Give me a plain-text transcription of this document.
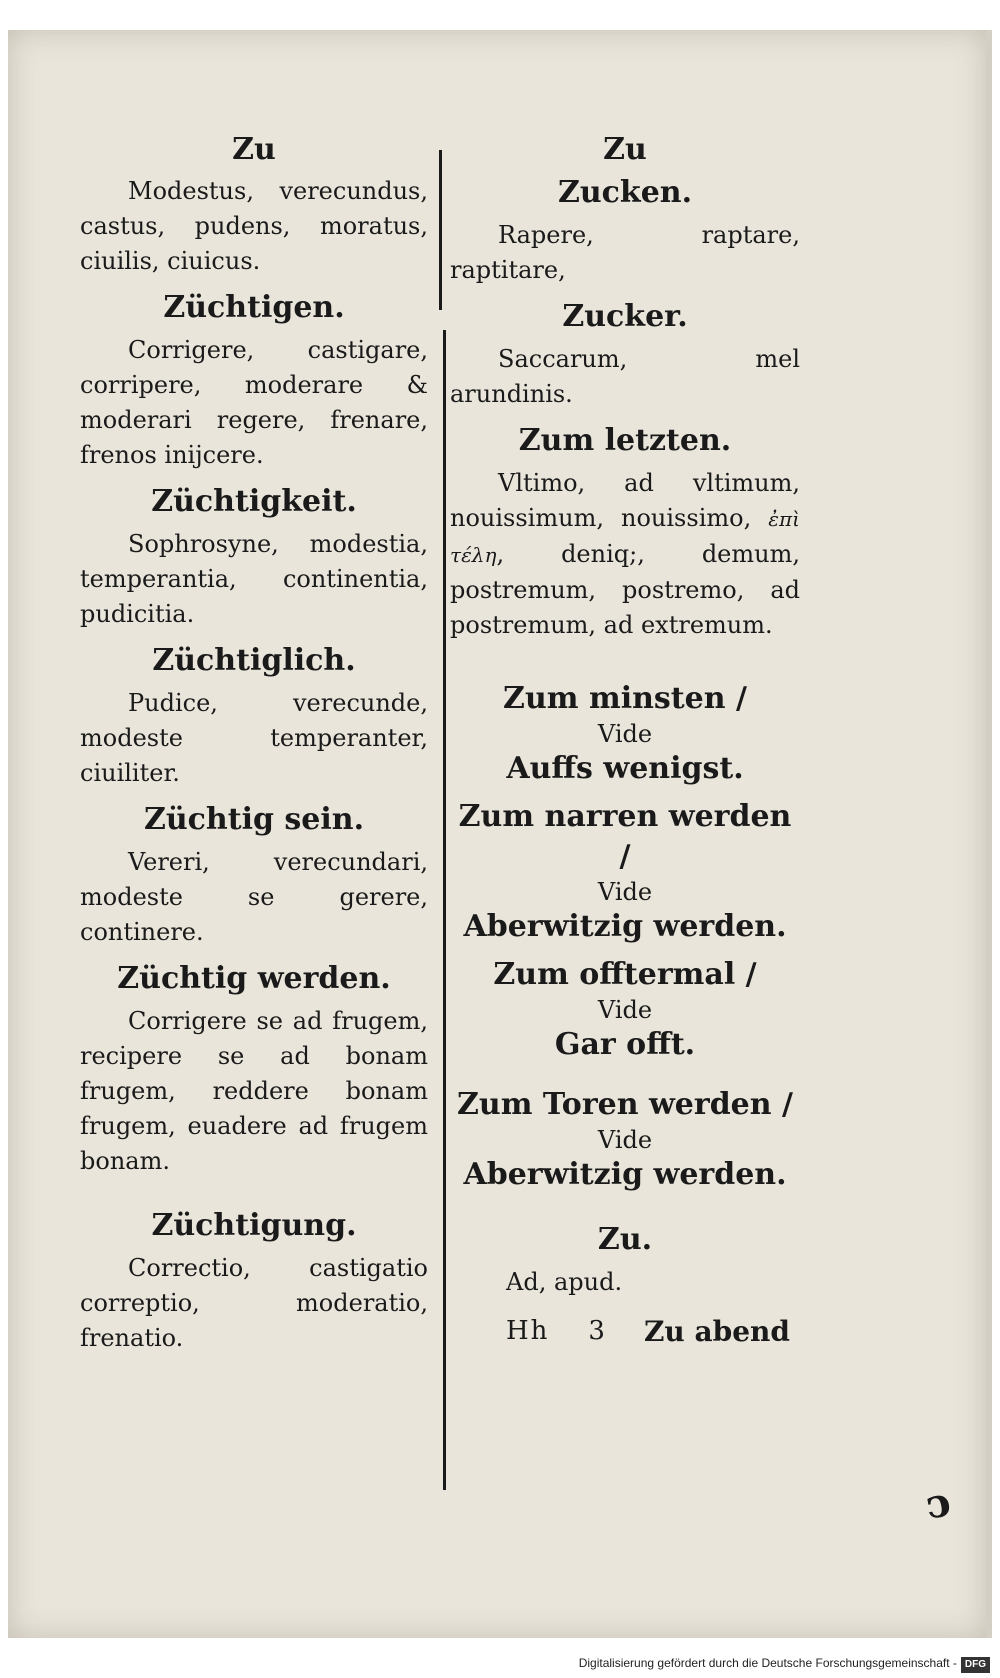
Zu

Modestus, verecundus, castus, pudens, moratus, ciuilis, ciuicus.

Züchtigen.

Corrigere, castigare, corripere, moderare & moderari regere, frenare, frenos inijcere.

Züchtigkeit.

Sophrosyne, modestia, temperantia, continentia, pudicitia.

Züchtiglich.

Pudice, verecunde, modeste temperanter, ciuiliter.

Züchtig sein.

Vereri, verecundari, modeste se gerere, continere.

Züchtig werden.

Corrigere se ad frugem, recipere se ad bonam frugem, reddere bonam frugem, euadere ad frugem bonam.

Züchtigung.

Correctio, castigatio correptio, moderatio, frenatio.

Zu
Zucken.

Rapere, raptare, raptitare,

Zucker.

Saccarum, mel arundinis.

Zum letzten.

Vltimo, ad vltimum, nouissimum, nouissimo, ἐπὶ τέλη, deniq;, demum, postremum, postremo, ad postremum, ad extremum.

Zum minsten /
Vide
Auffs wenigst.
Zum narren werden /
Vide
Aberwitzig werden.
Zum offtermal /
Vide
Gar offt.
Zum Toren werden /
Vide
Aberwitzig werden.
Zu.

Ad, apud.

Hh 3 Zu abend
ↄ
Digitalisierung gefördert durch die Deutsche Forschungsgemeinschaft - DFG
